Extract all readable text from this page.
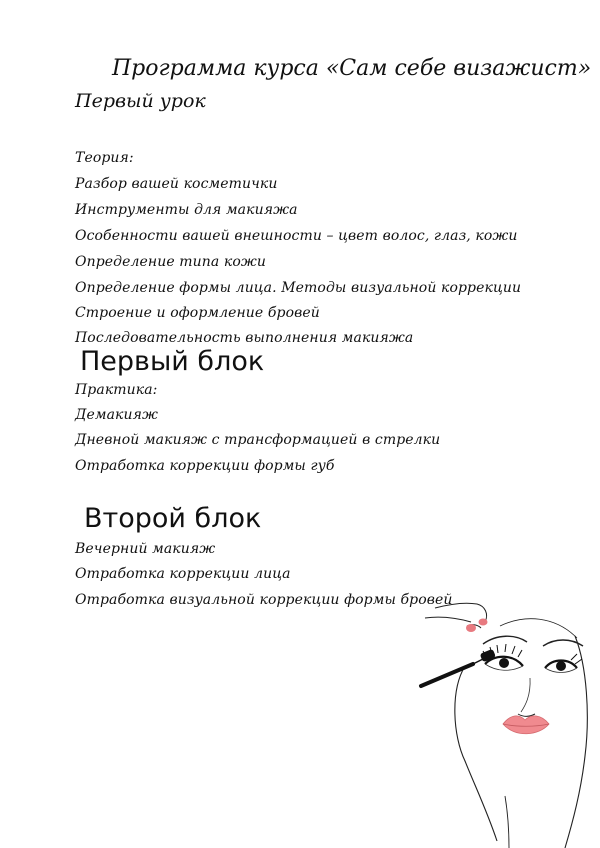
Программа курса «Сам себе визажист»
Первый урок
Теория:
Разбор вашей косметички
Инструменты для макияжа
Особенности вашей внешности – цвет волос, глаз, кожи
Определение типа кожи
Определение формы лица. Методы визуальной коррекции
Строение и оформление бровей
Последовательность выполнения макияжа
Первый блок
Практика:
Демакияж
Дневной макияж с трансформацией в стрелки
Отработка коррекции формы губ
Второй блок
Вечерний макияж
Отработка коррекции лица
Отработка визуальной коррекции формы бровей
